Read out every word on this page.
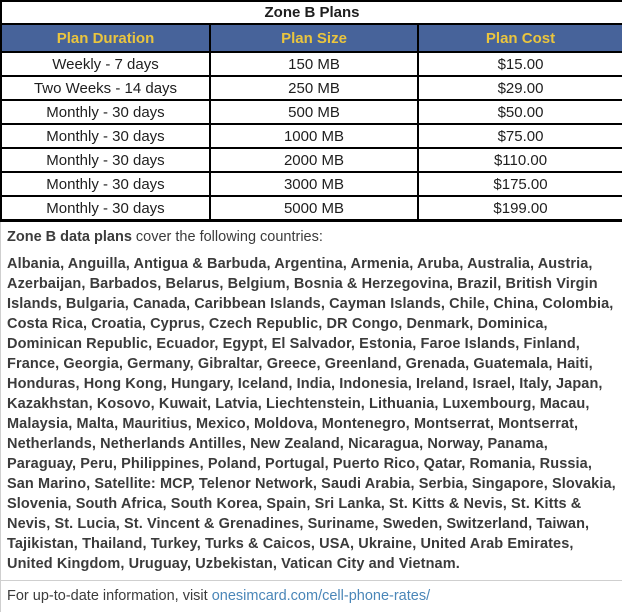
Zone B Plans		
Plan Duration	Plan Size	Plan Cost
Weekly - 7 days	150 MB	$15.00
Two Weeks - 14 days	250 MB	$29.00
Monthly - 30 days	500 MB	$50.00
Monthly - 30 days	1000 MB	$75.00
Monthly - 30 days	2000 MB	$110.00
Monthly - 30 days	3000 MB	$175.00
Monthly - 30 days	5000 MB	$199.00

Zone B data plans cover the following countries:

Albania, Anguilla, Antigua & Barbuda, Argentina, Armenia, Aruba, Australia, Austria, Azerbaijan, Barbados, Belarus, Belgium, Bosnia & Herzegovina, Brazil, British Virgin Islands, Bulgaria, Canada, Caribbean Islands, Cayman Islands, Chile, China, Colombia, Costa Rica, Croatia, Cyprus, Czech Republic, DR Congo, Denmark, Dominica, Dominican Republic, Ecuador, Egypt, El Salvador, Estonia, Faroe Islands, Finland, France, Georgia, Germany, Gibraltar, Greece, Greenland, Grenada, Guatemala, Haiti, Honduras, Hong Kong, Hungary, Iceland, India, Indonesia, Ireland, Israel, Italy, Japan, Kazakhstan, Kosovo, Kuwait, Latvia, Liechtenstein, Lithuania, Luxembourg, Macau, Malaysia, Malta, Mauritius, Mexico, Moldova, Montenegro, Montserrat, Montserrat, Netherlands, Netherlands Antilles, New Zealand, Nicaragua, Norway, Panama, Paraguay, Peru, Philippines, Poland, Portugal, Puerto Rico, Qatar, Romania, Russia, San Marino, Satellite: MCP, Telenor Network, Saudi Arabia, Serbia, Singapore, Slovakia, Slovenia, South Africa, South Korea, Spain, Sri Lanka, St. Kitts & Nevis, St. Kitts & Nevis, St. Lucia, St. Vincent & Grenadines, Suriname, Sweden, Switzerland, Taiwan, Tajikistan, Thailand, Turkey, Turks & Caicos, USA, Ukraine, United Arab Emirates, United Kingdom, Uruguay, Uzbekistan, Vatican City and Vietnam.

For up-to-date information, visit onesimcard.com/cell-phone-rates/
